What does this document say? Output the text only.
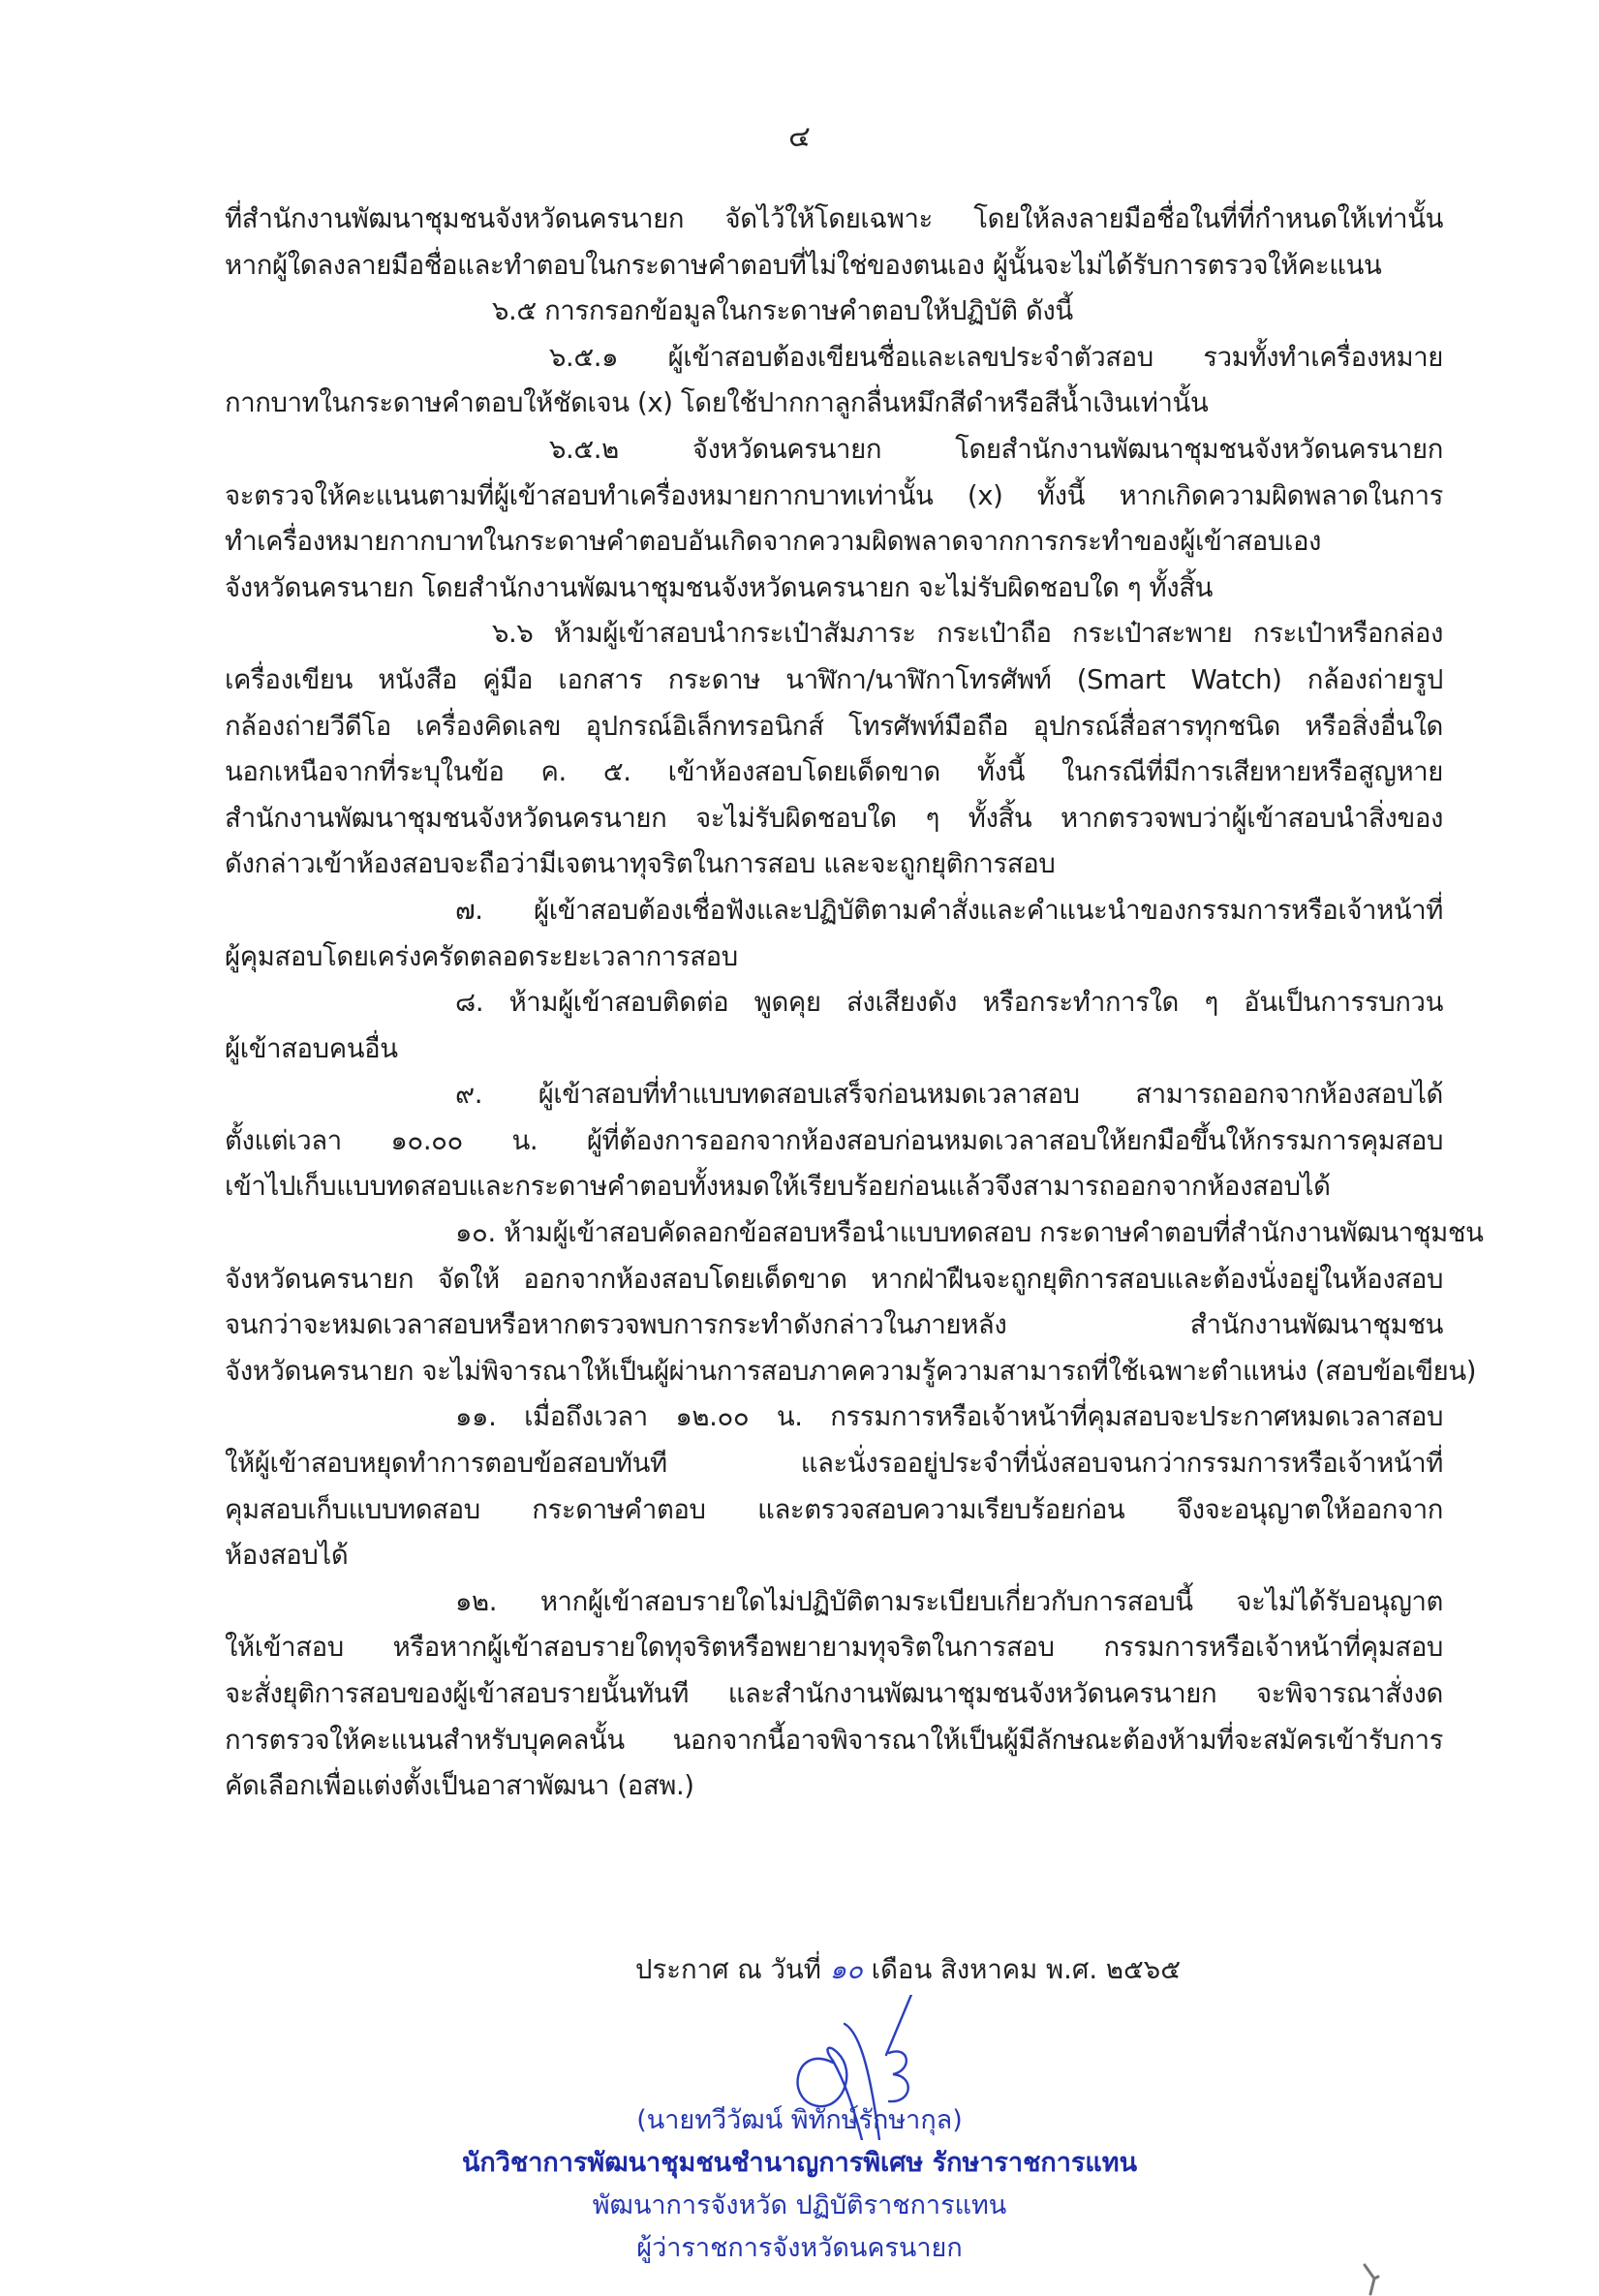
๔
ที่สำนักงานพัฒนาชุมชนจังหวัดนครนายก จัดไว้ให้โดยเฉพาะ โดยให้ลงลายมือชื่อในที่ที่กำหนดให้เท่านั้น
หากผู้ใดลงลายมือชื่อและทำตอบในกระดาษคำตอบที่ไม่ใช่ของตนเอง ผู้นั้นจะไม่ได้รับการตรวจให้คะแนน
๖.๕ การกรอกข้อมูลในกระดาษคำตอบให้ปฏิบัติ ดังนี้
๖.๕.๑ ผู้เข้าสอบต้องเขียนชื่อและเลขประจำตัวสอบ รวมทั้งทำเครื่องหมาย
กากบาทในกระดาษคำตอบให้ชัดเจน (x) โดยใช้ปากกาลูกลื่นหมึกสีดำหรือสีน้ำเงินเท่านั้น
๖.๕.๒ จังหวัดนครนายก โดยสำนักงานพัฒนาชุมชนจังหวัดนครนายก
จะตรวจให้คะแนนตามที่ผู้เข้าสอบทำเครื่องหมายกากบาทเท่านั้น (x) ทั้งนี้ หากเกิดความผิดพลาดในการ
ทำเครื่องหมายกากบาทในกระดาษคำตอบอันเกิดจากความผิดพลาดจากการกระทำของผู้เข้าสอบเอง
จังหวัดนครนายก โดยสำนักงานพัฒนาชุมชนจังหวัดนครนายก จะไม่รับผิดชอบใด ๆ ทั้งสิ้น
๖.๖ ห้ามผู้เข้าสอบนำกระเป๋าสัมภาระ กระเป๋าถือ กระเป๋าสะพาย กระเป๋าหรือกล่อง
เครื่องเขียน หนังสือ คู่มือ เอกสาร กระดาษ นาฬิกา/นาฬิกาโทรศัพท์ (Smart Watch) กล้องถ่ายรูป
กล้องถ่ายวีดีโอ เครื่องคิดเลข อุปกรณ์อิเล็กทรอนิกส์ โทรศัพท์มือถือ อุปกรณ์สื่อสารทุกชนิด หรือสิ่งอื่นใด
นอกเหนือจากที่ระบุในข้อ ค. ๕. เข้าห้องสอบโดยเด็ดขาด ทั้งนี้ ในกรณีที่มีการเสียหายหรือสูญหาย
สำนักงานพัฒนาชุมชนจังหวัดนครนายก จะไม่รับผิดชอบใด ๆ ทั้งสิ้น หากตรวจพบว่าผู้เข้าสอบนำสิ่งของ
ดังกล่าวเข้าห้องสอบจะถือว่ามีเจตนาทุจริตในการสอบ และจะถูกยุติการสอบ
๗. ผู้เข้าสอบต้องเชื่อฟังและปฏิบัติตามคำสั่งและคำแนะนำของกรรมการหรือเจ้าหน้าที่
ผู้คุมสอบโดยเคร่งครัดตลอดระยะเวลาการสอบ
๘. ห้ามผู้เข้าสอบติดต่อ พูดคุย ส่งเสียงดัง หรือกระทำการใด ๆ อันเป็นการรบกวน
ผู้เข้าสอบคนอื่น
๙. ผู้เข้าสอบที่ทำแบบทดสอบเสร็จก่อนหมดเวลาสอบ สามารถออกจากห้องสอบได้
ตั้งแต่เวลา ๑๐.๐๐ น. ผู้ที่ต้องการออกจากห้องสอบก่อนหมดเวลาสอบให้ยกมือขึ้นให้กรรมการคุมสอบ
เข้าไปเก็บแบบทดสอบและกระดาษคำตอบทั้งหมดให้เรียบร้อยก่อนแล้วจึงสามารถออกจากห้องสอบได้
๑๐. ห้ามผู้เข้าสอบคัดลอกข้อสอบหรือนำแบบทดสอบ กระดาษคำตอบที่สำนักงานพัฒนาชุมชน
จังหวัดนครนายก จัดให้ ออกจากห้องสอบโดยเด็ดขาด หากฝ่าฝืนจะถูกยุติการสอบและต้องนั่งอยู่ในห้องสอบ
จนกว่าจะหมดเวลาสอบหรือหากตรวจพบการกระทำดังกล่าวในภายหลัง สำนักงานพัฒนาชุมชน
จังหวัดนครนายก จะไม่พิจารณาให้เป็นผู้ผ่านการสอบภาคความรู้ความสามารถที่ใช้เฉพาะตำแหน่ง (สอบข้อเขียน)
๑๑. เมื่อถึงเวลา ๑๒.๐๐ น. กรรมการหรือเจ้าหน้าที่คุมสอบจะประกาศหมดเวลาสอบ
ให้ผู้เข้าสอบหยุดทำการตอบข้อสอบทันที และนั่งรออยู่ประจำที่นั่งสอบจนกว่ากรรมการหรือเจ้าหน้าที่
คุมสอบเก็บแบบทดสอบ กระดาษคำตอบ และตรวจสอบความเรียบร้อยก่อน จึงจะอนุญาตให้ออกจาก
ห้องสอบได้
๑๒. หากผู้เข้าสอบรายใดไม่ปฏิบัติตามระเบียบเกี่ยวกับการสอบนี้ จะไม่ได้รับอนุญาต
ให้เข้าสอบ หรือหากผู้เข้าสอบรายใดทุจริตหรือพยายามทุจริตในการสอบ กรรมการหรือเจ้าหน้าที่คุมสอบ
จะสั่งยุติการสอบของผู้เข้าสอบรายนั้นทันที และสำนักงานพัฒนาชุมชนจังหวัดนครนายก จะพิจารณาสั่งงด
การตรวจให้คะแนนสำหรับบุคคลนั้น นอกจากนี้อาจพิจารณาให้เป็นผู้มีลักษณะต้องห้ามที่จะสมัครเข้ารับการ
คัดเลือกเพื่อแต่งตั้งเป็นอาสาพัฒนา (อสพ.)
ประกาศ ณ วันที่ ๑๐ เดือน สิงหาคม พ.ศ. ๒๕๖๕
(นายทวีวัฒน์ พิทักษ์รักษากุล)
นักวิชาการพัฒนาชุมชนชำนาญการพิเศษ รักษาราชการแทน
พัฒนาการจังหวัด ปฏิบัติราชการแทน
ผู้ว่าราชการจังหวัดนครนายก
